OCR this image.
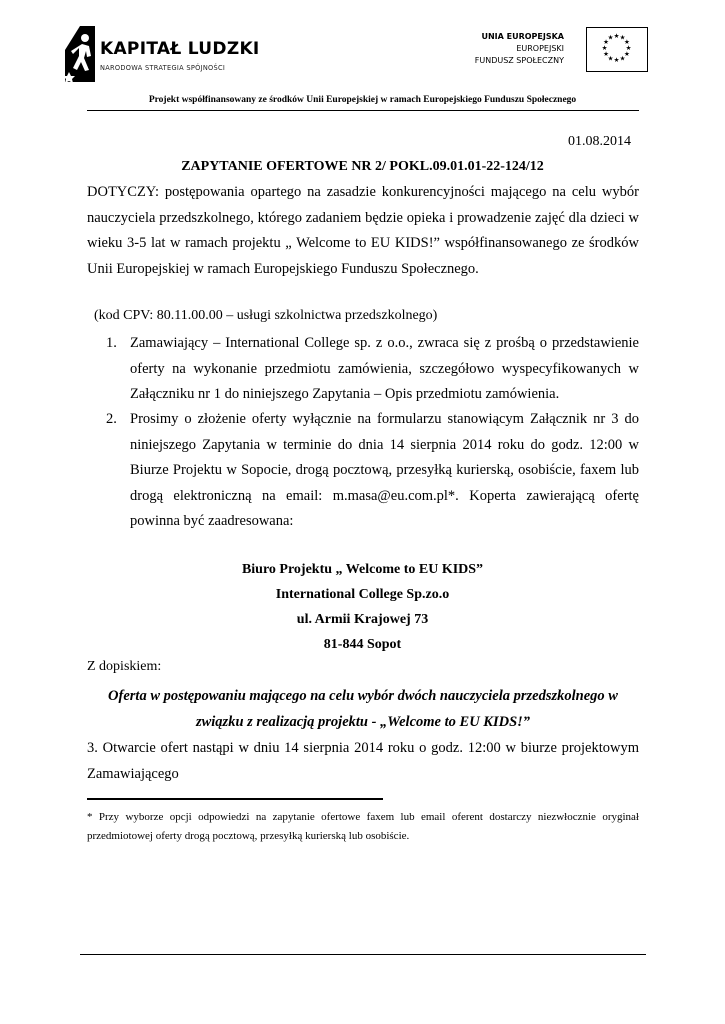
KAPITAŁ LUDZKI
NARODOWA STRATEGIA SPÓJNOŚCI
UNIA EUROPEJSKA
EUROPEJSKI
FUNDUSZ SPOŁECZNY
★ ★
★
★
★
★
★
★
★
★
★
★
Projekt współfinansowany ze środków Unii Europejskiej w ramach Europejskiego Funduszu Społecznego
01.08.2014
ZAPYTANIE OFERTOWE NR 2/ POKL.09.01.01-22-124/12
DOTYCZY: postępowania opartego na zasadzie konkurencyjności mającego na celu wybór nauczyciela przedszkolnego, którego zadaniem będzie opieka i prowadzenie zajęć dla dzieci w wieku 3-5 lat w ramach projektu „ Welcome to EU KIDS!” współfinansowanego ze środków Unii Europejskiej w ramach Europejskiego Funduszu Społecznego.
(kod CPV: 80.11.00.00 – usługi szkolnictwa przedszkolnego)
1. Zamawiający – International College sp. z o.o., zwraca się z prośbą o przedstawienie oferty na wykonanie przedmiotu zamówienia, szczegółowo wyspecyfikowanych w Załączniku nr 1 do niniejszego Zapytania – Opis przedmiotu zamówienia.
2. Prosimy o złożenie oferty wyłącznie na formularzu stanowiącym Załącznik nr 3 do niniejszego Zapytania w terminie do dnia 14 sierpnia 2014 roku do godz. 12:00 w Biurze Projektu w Sopocie, drogą pocztową, przesyłką kurierską, osobiście, faxem lub drogą elektroniczną na email: m.masa@eu.com.pl*. Koperta zawierającą ofertę powinna być zaadresowana:
Biuro Projektu „ Welcome to EU KIDS”
International College Sp.zo.o
ul. Armii Krajowej 73
81-844 Sopot
Z dopiskiem:
Oferta w postępowaniu mającego na celu wybór dwóch nauczyciela przedszkolnego w związku z realizacją projektu - „Welcome to EU KIDS!”
3. Otwarcie ofert nastąpi w dniu 14 sierpnia 2014 roku o godz. 12:00 w biurze projektowym Zamawiającego
* Przy wyborze opcji odpowiedzi na zapytanie ofertowe faxem lub email oferent dostarczy niezwłocznie oryginał przedmiotowej oferty drogą pocztową, przesyłką kurierską lub osobiście.
